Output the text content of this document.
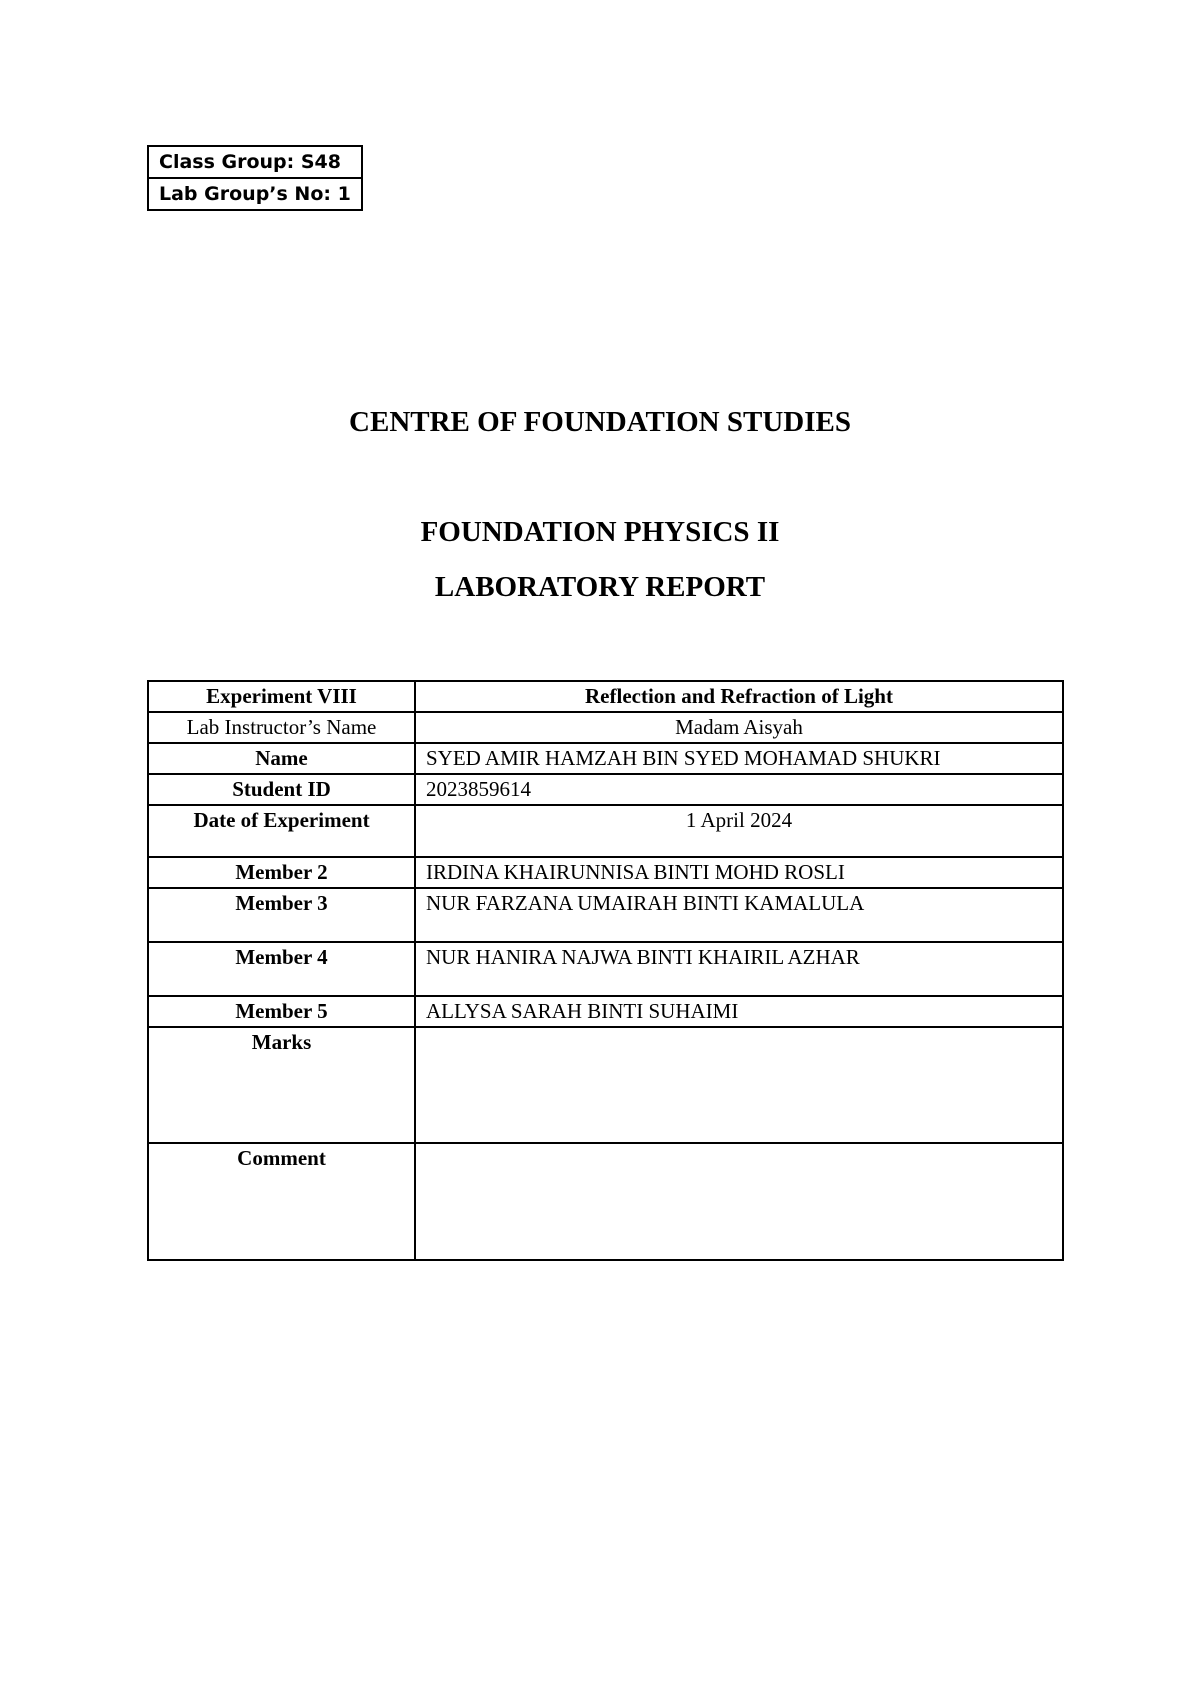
Class Group: S48
Lab Group’s No: 1
CENTRE OF FOUNDATION STUDIES
FOUNDATION PHYSICS II
LABORATORY REPORT
Experiment VIII	Reflection and Refraction of Light
Lab Instructor’s Name	Madam Aisyah
Name	SYED AMIR HAMZAH BIN SYED MOHAMAD SHUKRI
Student ID	2023859614
Date of Experiment	1 April 2024
Member 2	IRDINA KHAIRUNNISA BINTI MOHD ROSLI
Member 3	NUR FARZANA UMAIRAH BINTI KAMALULA
Member 4	NUR HANIRA NAJWA BINTI KHAIRIL AZHAR
Member 5	ALLYSA SARAH BINTI SUHAIMI
Marks	
Comment	
